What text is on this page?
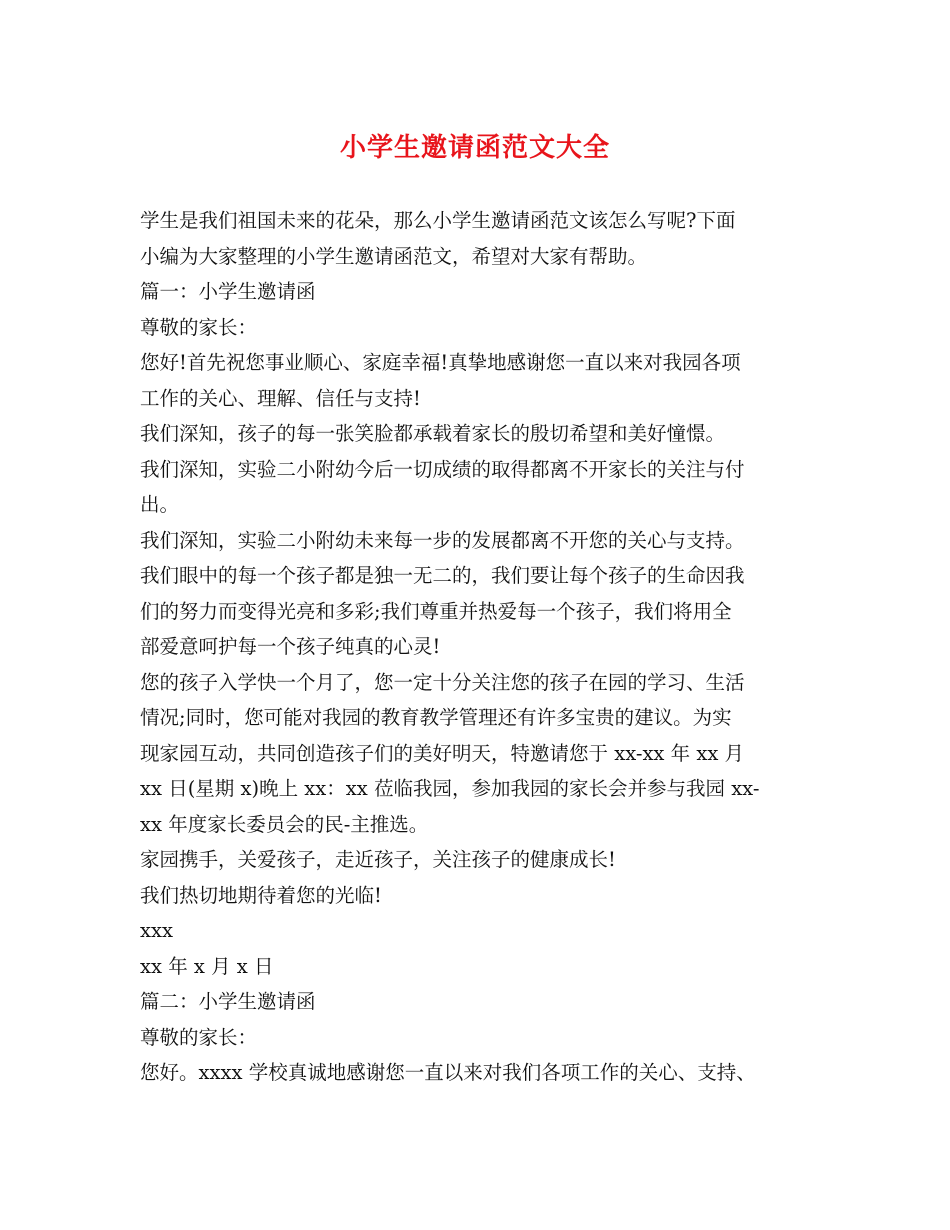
小学生邀请函范文大全
学生是我们祖国未来的花朵，那么小学生邀请函范文该怎么写呢?下面
小编为大家整理的小学生邀请函范文，希望对大家有帮助。
篇一：小学生邀请函
尊敬的家长：
您好!首先祝您事业顺心、家庭幸福!真挚地感谢您一直以来对我园各项
工作的关心、理解、信任与支持!
我们深知，孩子的每一张笑脸都承载着家长的殷切希望和美好憧憬。
我们深知，实验二小附幼今后一切成绩的取得都离不开家长的关注与付
出。
我们深知，实验二小附幼未来每一步的发展都离不开您的关心与支持。
我们眼中的每一个孩子都是独一无二的，我们要让每个孩子的生命因我
们的努力而变得光亮和多彩;我们尊重并热爱每一个孩子，我们将用全
部爱意呵护每一个孩子纯真的心灵!
您的孩子入学快一个月了，您一定十分关注您的孩子在园的学习、生活
情况;同时，您可能对我园的教育教学管理还有许多宝贵的建议。为实
现家园互动，共同创造孩子们的美好明天，特邀请您于 xx-xx 年 xx 月
xx 日(星期 x)晚上 xx：xx 莅临我园，参加我园的家长会并参与我园 xx-
xx 年度家长委员会的民-主推选。
家园携手，关爱孩子，走近孩子，关注孩子的健康成长!
我们热切地期待着您的光临!
xxx
xx 年 x 月 x 日
篇二：小学生邀请函
尊敬的家长：
您好。xxxx 学校真诚地感谢您一直以来对我们各项工作的关心、支持、
